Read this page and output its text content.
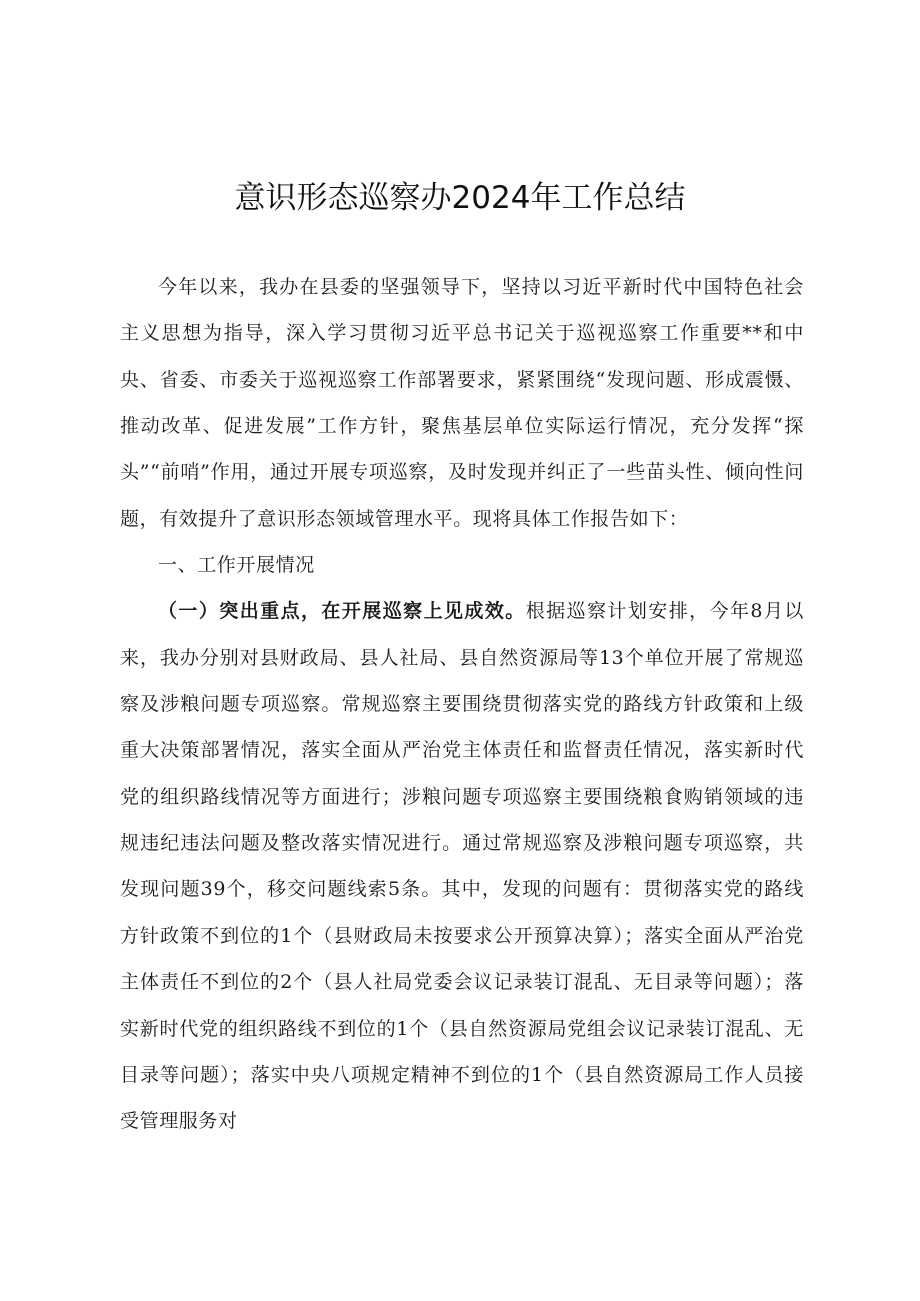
意识形态巡察办2024年工作总结

今年以来，我办在县委的坚强领导下，坚持以习近平新时代中国特色社会主义思想为指导，深入学习贯彻习近平总书记关于巡视巡察工作重要**和中央、省委、市委关于巡视巡察工作部署要求，紧紧围绕“发现问题、形成震慑、推动改革、促进发展”工作方针，聚焦基层单位实际运行情况，充分发挥“探头”“前哨”作用，通过开展专项巡察，及时发现并纠正了一些苗头性、倾向性问题，有效提升了意识形态领域管理水平。现将具体工作报告如下：

一、工作开展情况

（一）突出重点，在开展巡察上见成效。根据巡察计划安排，今年8月以来，我办分别对县财政局、县人社局、县自然资源局等13个单位开展了常规巡察及涉粮问题专项巡察。常规巡察主要围绕贯彻落实党的路线方针政策和上级重大决策部署情况，落实全面从严治党主体责任和监督责任情况，落实新时代党的组织路线情况等方面进行；涉粮问题专项巡察主要围绕粮食购销领域的违规违纪违法问题及整改落实情况进行。通过常规巡察及涉粮问题专项巡察，共发现问题39个，移交问题线索5条。其中，发现的问题有：贯彻落实党的路线方针政策不到位的1个（县财政局未按要求公开预算决算）；落实全面从严治党主体责任不到位的2个（县人社局党委会议记录装订混乱、无目录等问题）；落实新时代党的组织路线不到位的1个（县自然资源局党组会议记录装订混乱、无目录等问题）；落实中央八项规定精神不到位的1个（县自然资源局工作人员接受管理服务对
